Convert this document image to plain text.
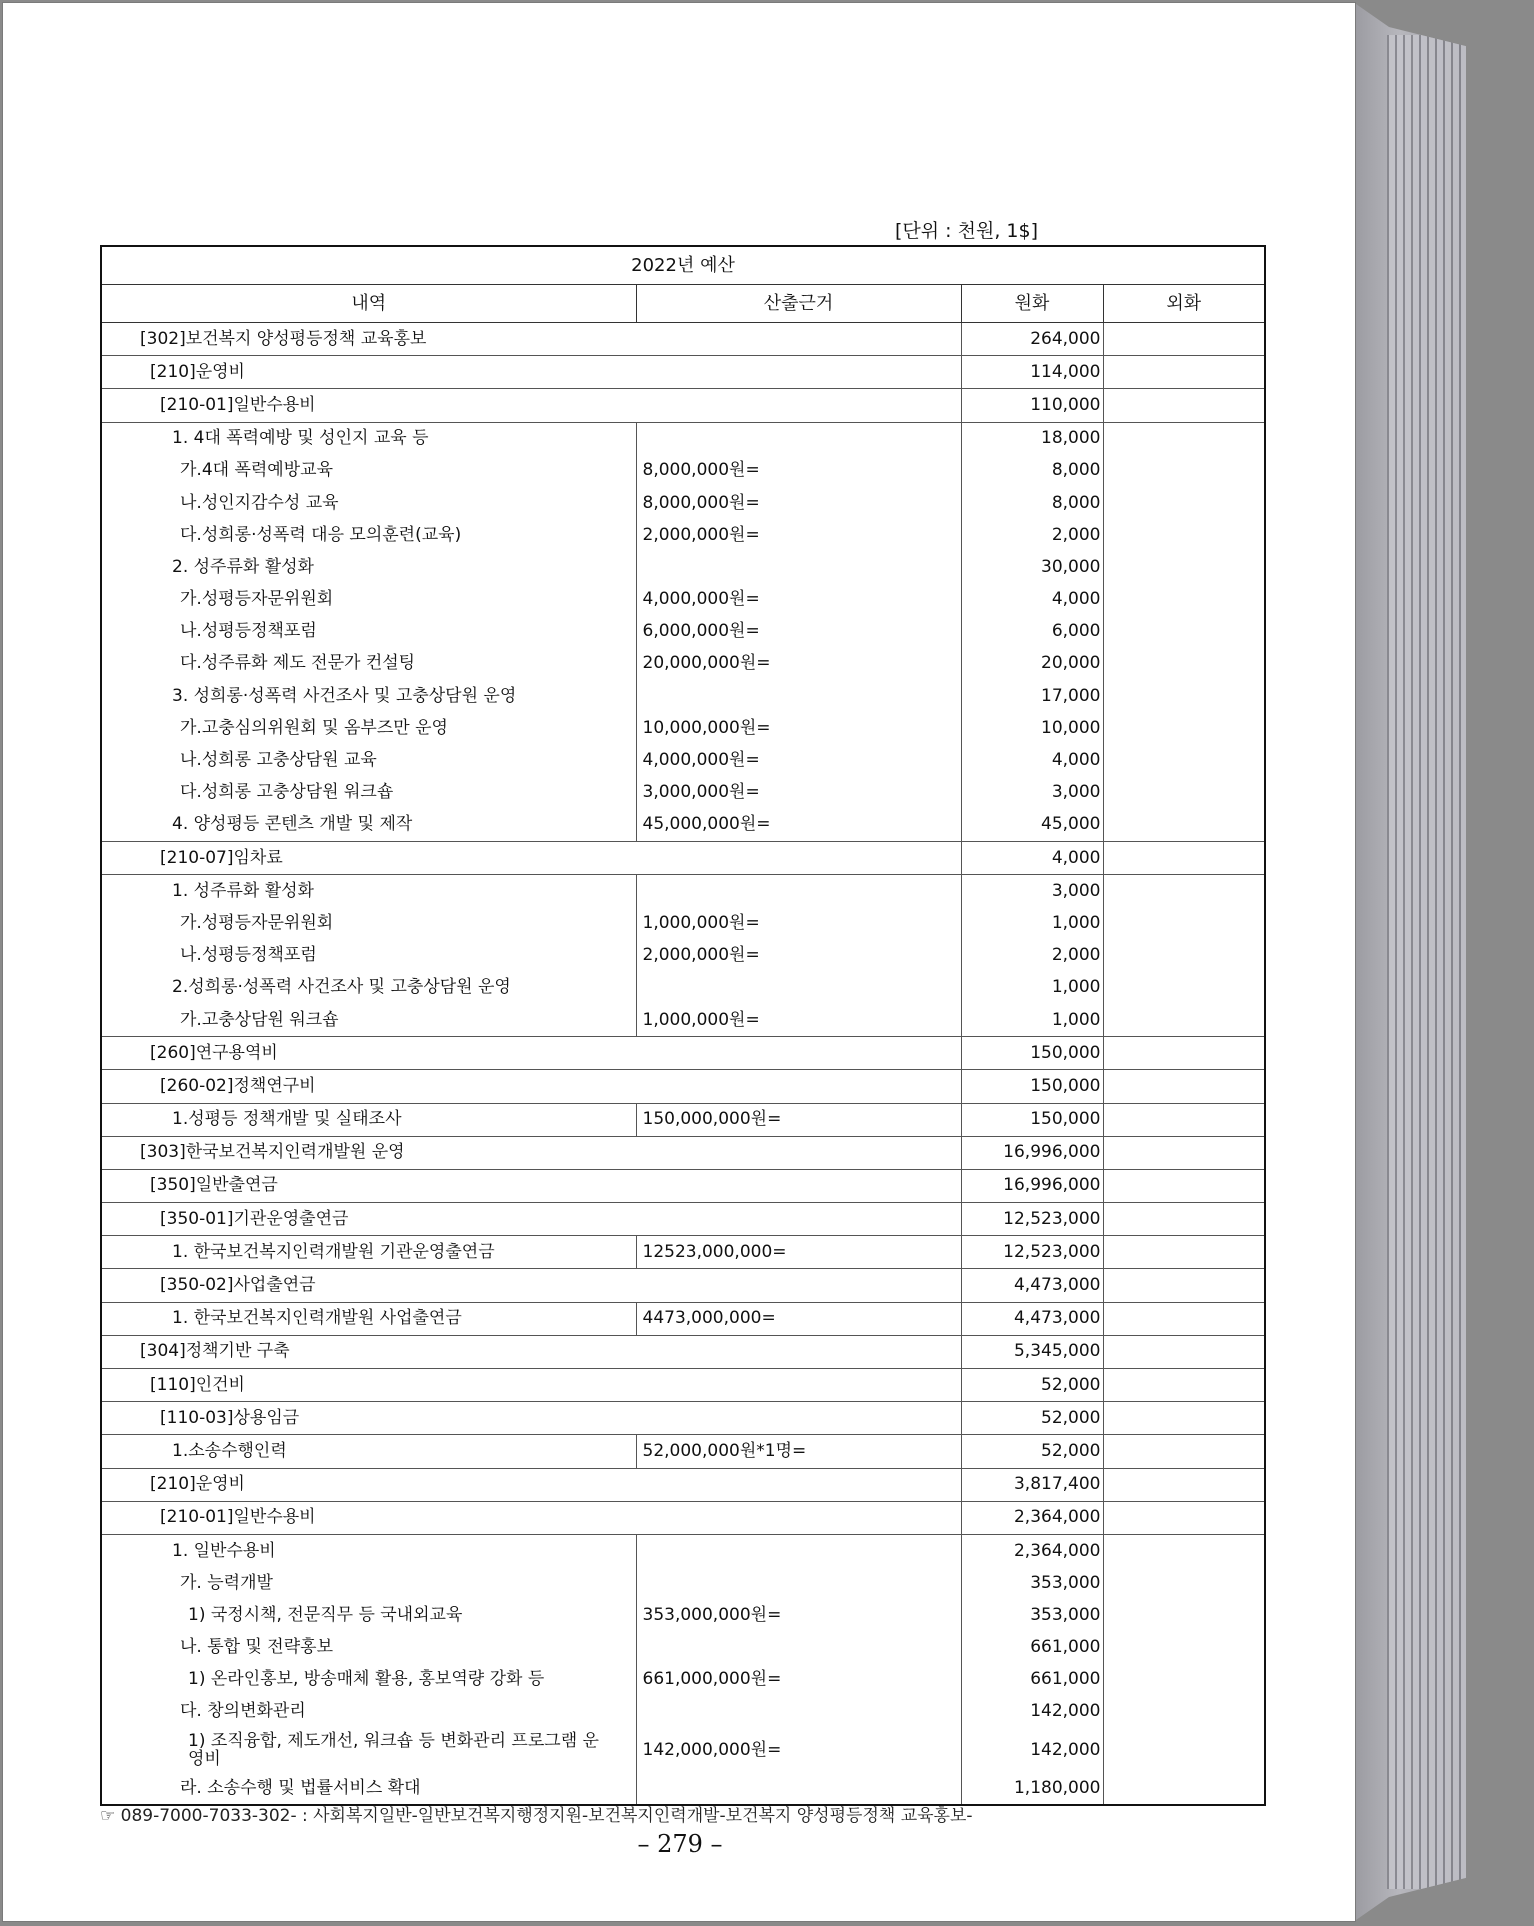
[단위 : 천원, 1$]
2022년 예산			
내역	산출근거	원화	외화
[302]보건복지 양성평등정책 교육홍보		264,000	
[210]운영비		114,000	
[210-01]일반수용비		110,000	
1. 4대 폭력예방 및 성인지 교육 등		18,000	
가.4대 폭력예방교육	8,000,000원=	8,000	
나.성인지감수성 교육	8,000,000원=	8,000	
다.성희롱·성폭력 대응 모의훈련(교육)	2,000,000원=	2,000	
2. 성주류화 활성화		30,000	
가.성평등자문위원회	4,000,000원=	4,000	
나.성평등정책포럼	6,000,000원=	6,000	
다.성주류화 제도 전문가 컨설팅	20,000,000원=	20,000	
3. 성희롱·성폭력 사건조사 및 고충상담원 운영		17,000	
가.고충심의위원회 및 옴부즈만 운영	10,000,000원=	10,000	
나.성희롱 고충상담원 교육	4,000,000원=	4,000	
다.성희롱 고충상담원 워크숍	3,000,000원=	3,000	
4. 양성평등 콘텐츠 개발 및 제작	45,000,000원=	45,000	
[210-07]임차료		4,000	
1. 성주류화 활성화		3,000	
가.성평등자문위원회	1,000,000원=	1,000	
나.성평등정책포럼	2,000,000원=	2,000	
2.성희롱·성폭력 사건조사 및 고충상담원 운영		1,000	
가.고충상담원 워크숍	1,000,000원=	1,000	
[260]연구용역비		150,000	
[260-02]정책연구비		150,000	
1.성평등 정책개발 및 실태조사	150,000,000원=	150,000	
[303]한국보건복지인력개발원 운영		16,996,000	
[350]일반출연금		16,996,000	
[350-01]기관운영출연금		12,523,000	
1. 한국보건복지인력개발원 기관운영출연금	12523,000,000=	12,523,000	
[350-02]사업출연금		4,473,000	
1. 한국보건복지인력개발원 사업출연금	4473,000,000=	4,473,000	
[304]정책기반 구축		5,345,000	
[110]인건비		52,000	
[110-03]상용임금		52,000	
1.소송수행인력	52,000,000원*1명=	52,000	
[210]운영비		3,817,400	
[210-01]일반수용비		2,364,000	
1. 일반수용비		2,364,000	
가. 능력개발		353,000	
1) 국정시책, 전문직무 등 국내외교육	353,000,000원=	353,000	
나. 통합 및 전략홍보		661,000	
1) 온라인홍보, 방송매체 활용, 홍보역량 강화 등	661,000,000원=	661,000	
다. 창의변화관리		142,000	
1) 조직융합, 제도개선, 워크숍 등 변화관리 프로그램 운영비	142,000,000원=	142,000	
라. 소송수행 및 법률서비스 확대		1,180,000	
☞ 089-7000-7033-302- : 사회복지일반-일반보건복지행정지원-보건복지인력개발-보건복지 양성평등정책 교육홍보-
– 279 –
